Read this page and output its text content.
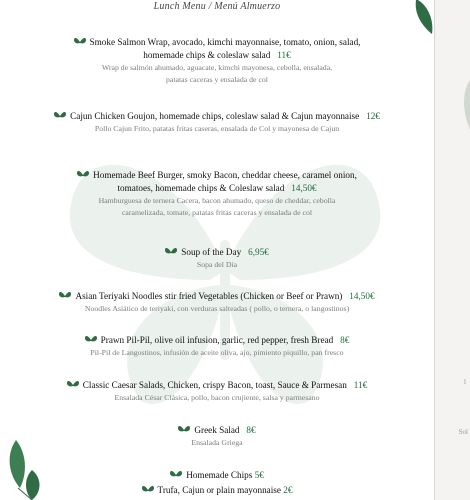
Lunch Menu / Menú Almuerzo
Smoke Salmon Wrap, avocado, kimchi mayonnaise, tomato, onion, salad,
homemade chips & coleslaw salad 11€
Wrap de salmón ahumado, aguacate, kimchi mayonesa, cebolla, ensalada,
patatas caceras y ensalada de col
Cajun Chicken Goujon, homemade chips, coleslaw salad & Cajun mayonnaise 12€
Pollo Cajun Frito, patatas fritas caseras, ensalada de Col y mayonesa de Cajun
Homemade Beef Burger, smoky Bacon, cheddar cheese, caramel onion,
tomatoes, homemade chips & Coleslaw salad 14,50€
Hamburguesa de ternera Cacera, bacon ahumado, queso de cheddar, cebolla
caramelizada, tomate, patatas fritas caceras y ensalada de col
Soup of the Day 6,95€
Sopa del Día
Asian Teriyaki Noodles stir fried Vegetables (Chicken or Beef or Prawn) 14,50€
Noodles Asiático de teriyaki, con verduras salteadas ( pollo, o ternera, o langostinos)
Prawn Pil-Pil, olive oil infusion, garlic, red pepper, fresh Bread 8€
Pil-Pil de Langostinos, infusión de aceite oliva, ajo, pimiento piquillo, pan fresco
Classic Caesar Salads, Chicken, crispy Bacon, toast, Sauce & Parmesan 11€
Ensalada César Clásica, pollo, bacon crujiente, salsa y parmesano
Greek Salad 8€
Ensalada Griega
Homemade Chips 5€
Trufa, Cajun or plain mayonnaise 2€
l
Sol
